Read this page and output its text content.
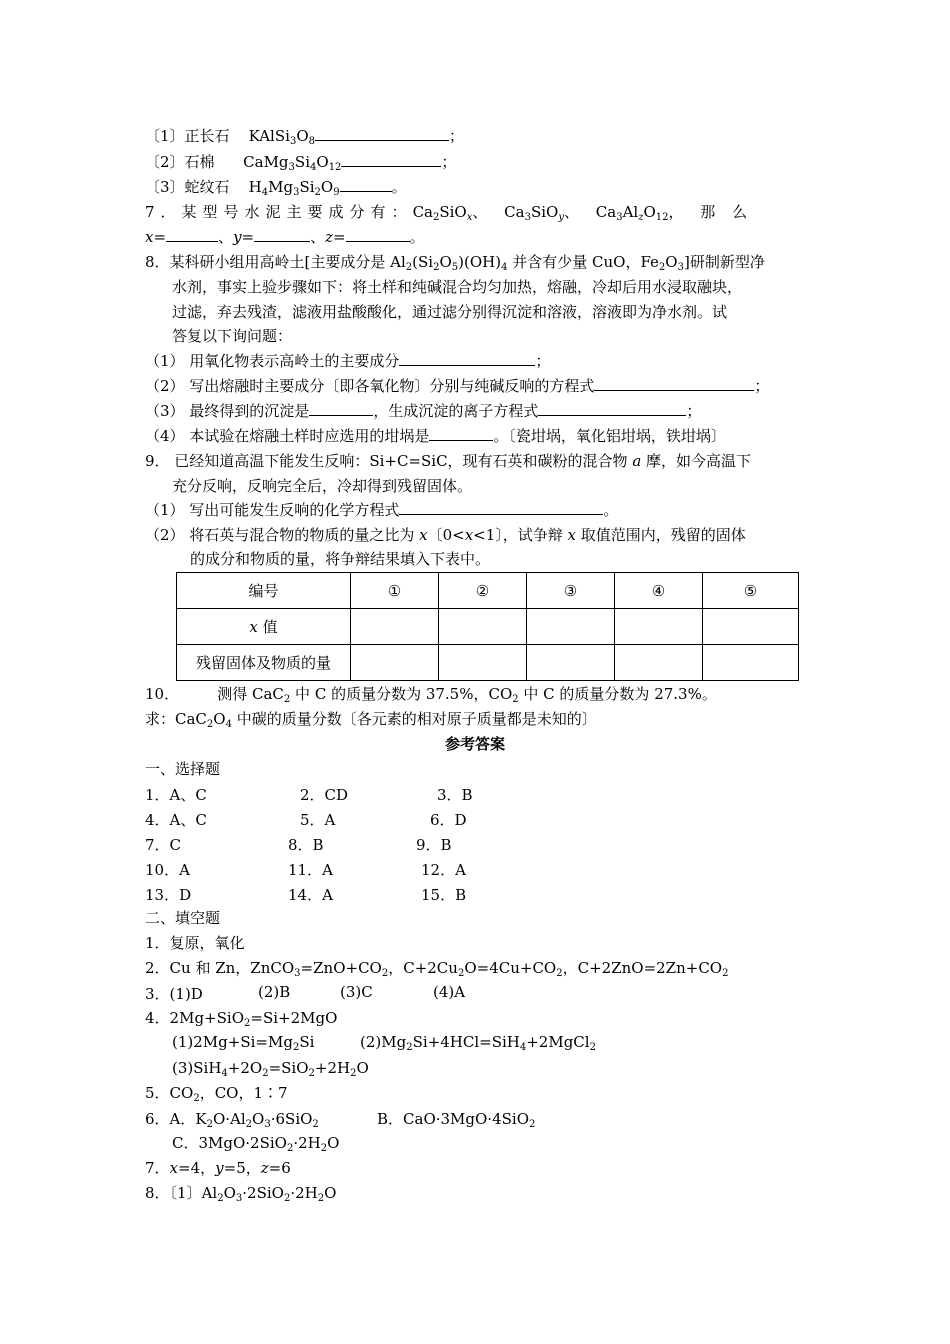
〔1〕正长石 $KAlSi_3O_8$	；
〔2〕石棉 $CaMg_3Si_4O_{12}$	；
〔3〕蛇纹石 $H_4Mg_3Si_2O_9$	。
7．某型号水泥主要成分有：$Ca_2SiO_x$、 $Ca_3SiO_y$、 $Ca_3Al_zO_{12}$， 那 么
x=	、y=	、z=	。
8．某科研小组用高岭土[主要成分是 $Al_2(Si_2O_5)(OH)_4$ 并含有少量 CuO，$Fe_2O_3$]研制新型净
水剂，事实上验步骤如下：将土样和纯碱混合均匀加热，熔融，冷却后用水浸取融块，
过滤，弃去残渣，滤液用盐酸酸化，通过滤分别得沉淀和溶液，溶液即为净水剂。试
答复以下询问题：
（1） 用氧化物表示高岭土的主要成分	；
（2） 写出熔融时主要成分〔即各氧化物〕分别与纯碱反响的方程式	；
（3） 最终得到的沉淀是	，生成沉淀的离子方程式	；
（4） 本试验在熔融土样时应选用的坩埚是	。〔瓷坩埚，氧化铝坩埚，铁坩埚〕
9． 已经知道高温下能发生反响：Si+C=SiC，现有石英和碳粉的混合物 a 摩，如今高温下
充分反响，反响完全后，冷却得到残留固体。
（1） 写出可能发生反响的化学方程式	。
（2） 将石英与混合物的物质的量之比为 x〔0<x<1〕，试争辩 x 取值范围内，残留的固体
的成分和物质的量，将争辩结果填入下表中。
编号	①	②	③	④	⑤
x 值					
残留固体及物质的量					
10．        测得 CaC$_2$ 中 C 的质量分数为 37.5%，$CO_2$ 中 C 的质量分数为 27.3%。
求：$CaC_2O_4$ 中碳的质量分数〔各元素的相对原子质量都是未知的〕
参考答案
一、选择题
1．A、C	2．CD	3．B
4．A、C	5．A	6．D
7．C	8．B	9．B
10．A	11．A	12．A
13．D	14．A	15．B
二、填空题
1．复原，氧化
2．Cu 和 Zn，$ZnCO_3=ZnO+CO_2$，$C+2Cu_2O=4Cu+CO_2$，$C+2ZnO=2Zn+CO_2$
3．(1)D	(2)B	(3)C	(4)A
4．2Mg+SiO$_2$=Si+2MgO
$(1)2Mg+Si=Mg_2Si$	$(2)Mg_2Si+4HCl=SiH_4+2MgCl_2$
$(3)SiH_4+2O_2=SiO_2+2H_2O$
5．$CO_2$，CO，1∶7
6．A．$K_2O\cdot Al_2O_3\cdot 6SiO_2$	B．CaO·3MgO·4SiO$_2$
C．$3MgO\cdot 2SiO_2\cdot 2H_2O$
7．x=4，y=5，z=6
8．〔1〕$Al_2O_3\cdot 2SiO_2\cdot 2H_2O$
